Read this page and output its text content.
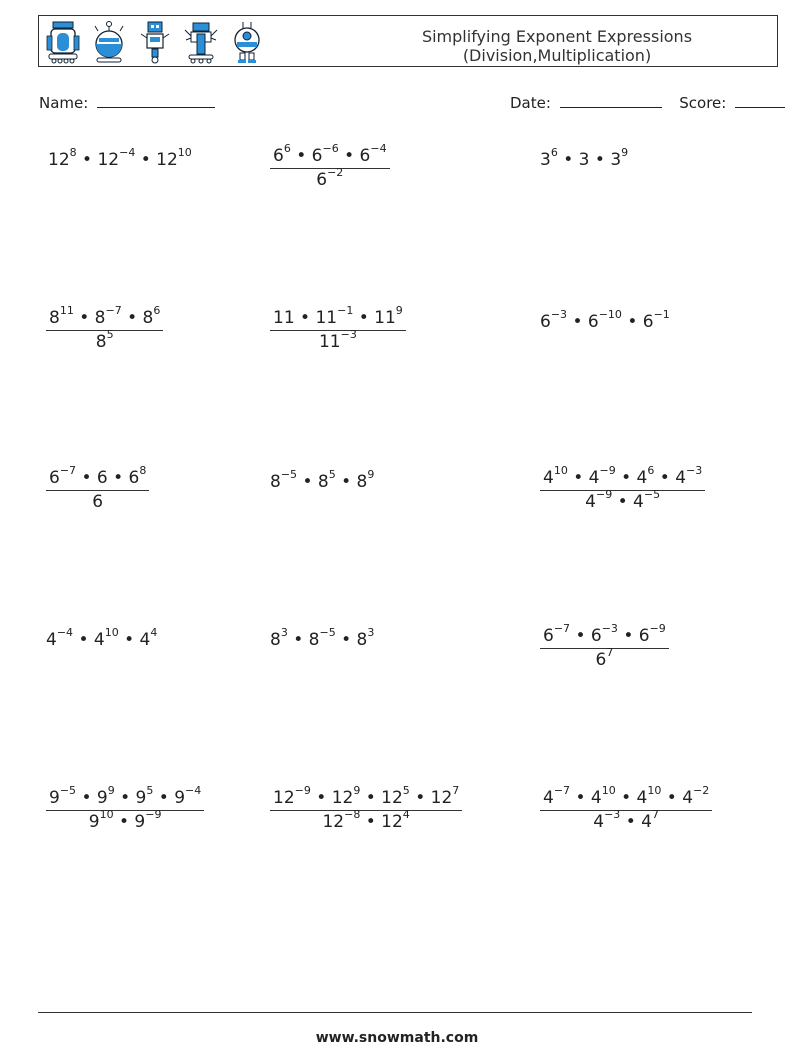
Simplifying Exponent Expressions
(Division,Multiplication)
Name:	Date:	Score:
$12^8$ • $12^{-4}$ • $12^{10}$	$\frac{6^6 • 6^{-6} • 6^{-4}}{6^{-2}}$	$3^6$ • 3 • $3^9$
$\frac{8^{11} • 8^{-7} • 8^6}{8^5}$	$\frac{11 • 11^{-1} • 11^9}{11^{-3}}$	$6^{-3}$ • $6^{-10}$ • $6^{-1}$
$\frac{6^{-7} • 6 • 6^8}{6}$	$8^{-5}$ • $8^5$ • $8^9$	$\frac{4^{10} • 4^{-9} • 4^6 • 4^{-3}}{4^{-9} • 4^{-5}}$
$4^{-4}$ • $4^{10}$ • $4^4$	$8^3$ • $8^{-5}$ • $8^3$	$\frac{6^{-7} • 6^{-3} • 6^{-9}}{6^7}$
$\frac{9^{-5} • 9^9 • 9^5 • 9^{-4}}{9^{10} • 9^{-9}}$	$\frac{12^{-9} • 12^9 • 12^5 • 12^7}{12^{-8} • 12^4}$	$\frac{4^{-7} • 4^{10} • 4^{10} • 4^{-2}}{4^{-3} • 4^7}$
www.snowmath.com
